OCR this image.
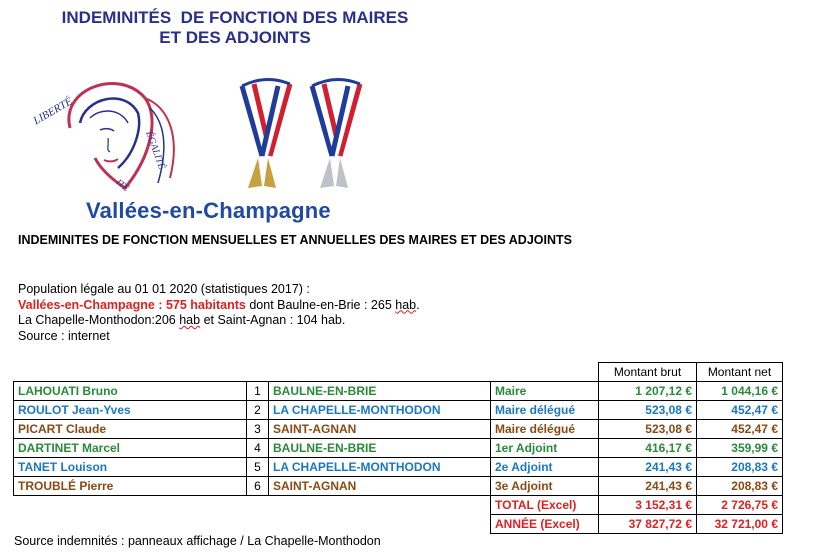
INDEMINITÉS  DE FONCTION DES MAIRES
ET DES ADJOINTS
LIBERTÉ
ÉGALITÉ
ITÉ
Vallées-en-Champagne
INDEMINITES DE FONCTION MENSUELLES ET ANNUELLES DES MAIRES ET DES ADJOINTS
Population légale au 01 01 2020 (statistiques 2017) :
Vallées-en-Champagne : 575 habitants dont Baulne-en-Brie : 265 hab.
La Chapelle-Monthodon:206 hab et Saint-Agnan : 104 hab.
Source : internet
				Montant brut	Montant net
LAHOUATI Bruno	1	BAULNE-EN-BRIE	Maire	1 207,12 €	1 044,16 €
ROULOT Jean-Yves	2	LA CHAPELLE-MONTHODON	Maire délégué	523,08 €	452,47 €
PICART Claude	3	SAINT-AGNAN	Maire délégué	523,08 €	452,47 €
DARTINET Marcel	4	BAULNE-EN-BRIE	1er Adjoint	416,17 €	359,99 €
TANET Louison	5	LA CHAPELLE-MONTHODON	2e Adjoint	241,43 €	208,83 €
TROUBLÉ Pierre	6	SAINT-AGNAN	3e Adjoint	241,43 €	208,83 €
			TOTAL (Excel)	3 152,31 €	2 726,75 €
			ANNÉE (Excel)	37 827,72 €	32 721,00 €
Source indemnités : panneaux affichage / La Chapelle-Monthodon
